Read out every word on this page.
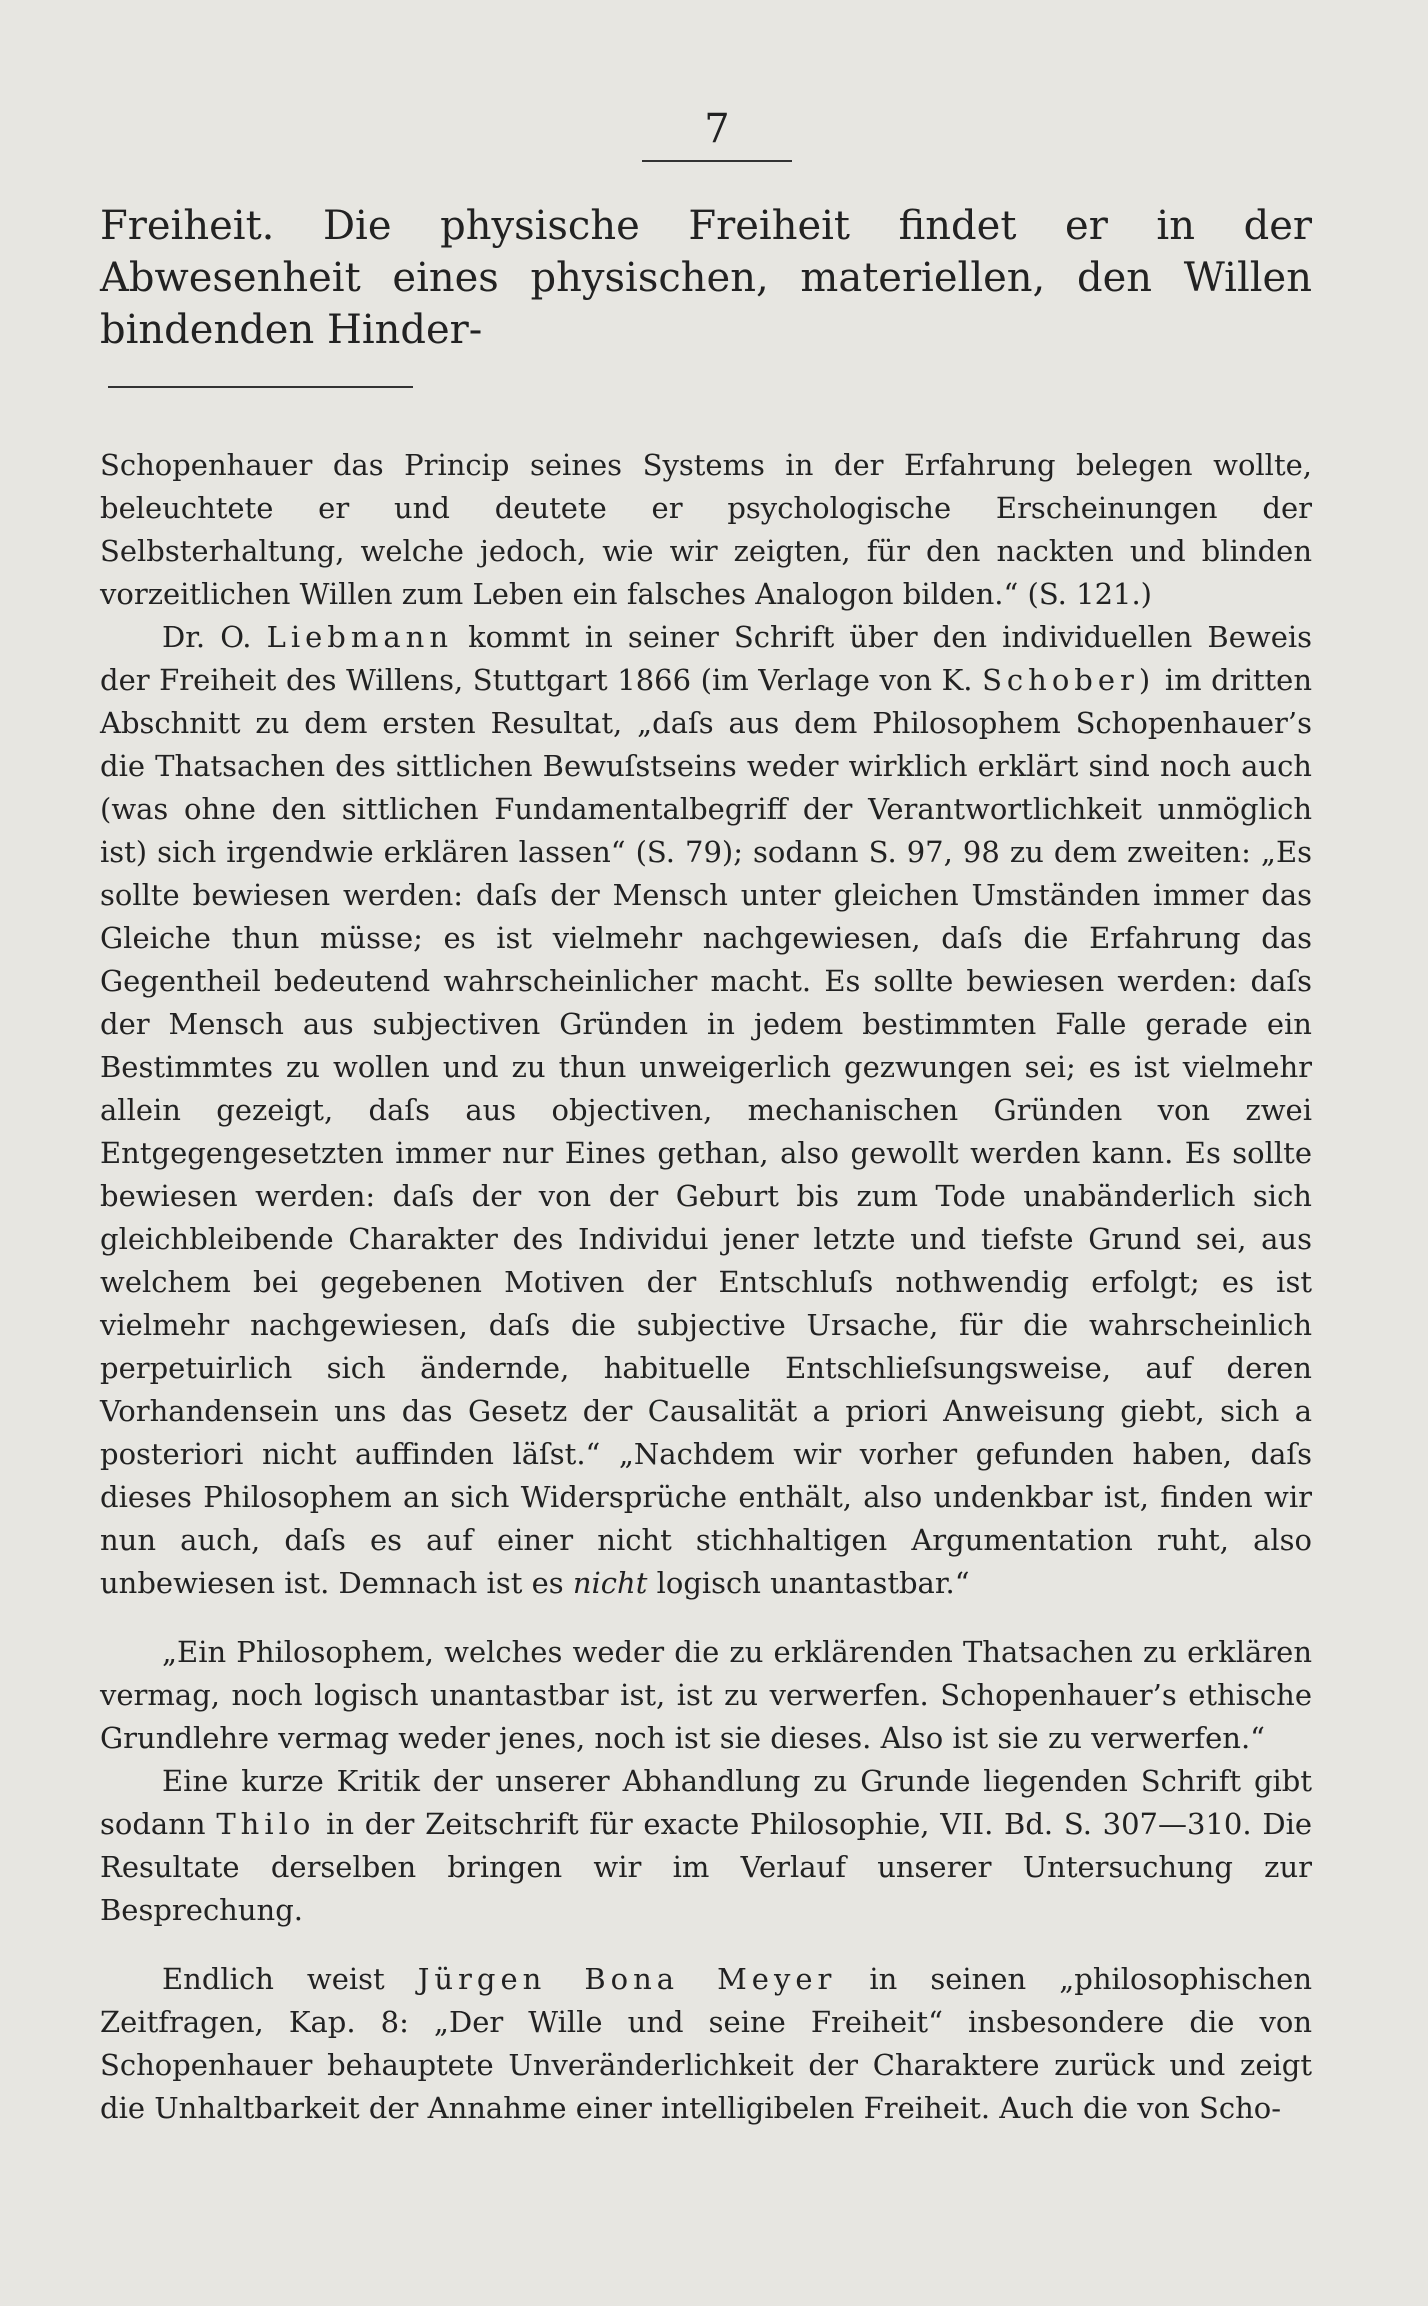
7
Freiheit. Die physische Freiheit findet er in der Abwesenheit eines physischen, materiellen, den Willen bindenden Hinder-

Schopenhauer das Princip seines Systems in der Erfahrung belegen wollte, beleuchtete er und deutete er psychologische Erscheinungen der Selbsterhaltung, welche jedoch, wie wir zeigten, für den nackten und blinden vorzeitlichen Willen zum Leben ein falsches Analogon bilden.“ (S. 121.)

Dr. O. Liebmann kommt in seiner Schrift über den individuellen Beweis der Freiheit des Willens, Stuttgart 1866 (im Verlage von K. Schober) im dritten Abschnitt zu dem ersten Resultat, „daſs aus dem Philosophem Schopenhauer’s die Thatsachen des sittlichen Bewuſstseins weder wirklich erklärt sind noch auch (was ohne den sittlichen Fundamentalbegriff der Verantwortlichkeit unmöglich ist) sich irgendwie erklären lassen“ (S. 79); sodann S. 97, 98 zu dem zweiten: „Es sollte bewiesen werden: daſs der Mensch unter gleichen Umständen immer das Gleiche thun müsse; es ist vielmehr nachgewiesen, daſs die Erfahrung das Gegentheil bedeutend wahrscheinlicher macht. Es sollte bewiesen werden: daſs der Mensch aus subjectiven Gründen in jedem bestimmten Falle gerade ein Bestimmtes zu wollen und zu thun unweigerlich gezwungen sei; es ist vielmehr allein gezeigt, daſs aus objectiven, mechanischen Gründen von zwei Entgegengesetzten immer nur Eines gethan, also gewollt werden kann. Es sollte bewiesen werden: daſs der von der Geburt bis zum Tode unabänderlich sich gleichbleibende Charakter des Individui jener letzte und tiefste Grund sei, aus welchem bei gegebenen Motiven der Entschluſs nothwendig erfolgt; es ist vielmehr nachgewiesen, daſs die subjective Ursache, für die wahrscheinlich perpetuirlich sich ändernde, habituelle Entschlieſsungsweise, auf deren Vorhandensein uns das Gesetz der Causalität a priori Anweisung giebt, sich a posteriori nicht auffinden läſst.“ „Nachdem wir vorher gefunden haben, daſs dieses Philosophem an sich Widersprüche enthält, also undenkbar ist, finden wir nun auch, daſs es auf einer nicht stichhaltigen Argumentation ruht, also unbewiesen ist. Demnach ist es nicht logisch unantastbar.“

„Ein Philosophem, welches weder die zu erklärenden Thatsachen zu erklären vermag, noch logisch unantastbar ist, ist zu verwerfen. Schopenhauer’s ethische Grundlehre vermag weder jenes, noch ist sie dieses. Also ist sie zu verwerfen.“

Eine kurze Kritik der unserer Abhandlung zu Grunde liegenden Schrift gibt sodann Thilo in der Zeitschrift für exacte Philosophie, VII. Bd. S. 307—310. Die Resultate derselben bringen wir im Verlauf unserer Untersuchung zur Besprechung.

Endlich weist Jürgen Bona Meyer in seinen „philosophischen Zeitfragen, Kap. 8: „Der Wille und seine Freiheit“ insbesondere die von Schopenhauer behauptete Unveränderlichkeit der Charaktere zurück und zeigt die Unhaltbarkeit der Annahme einer intelligibelen Freiheit. Auch die von Scho-
